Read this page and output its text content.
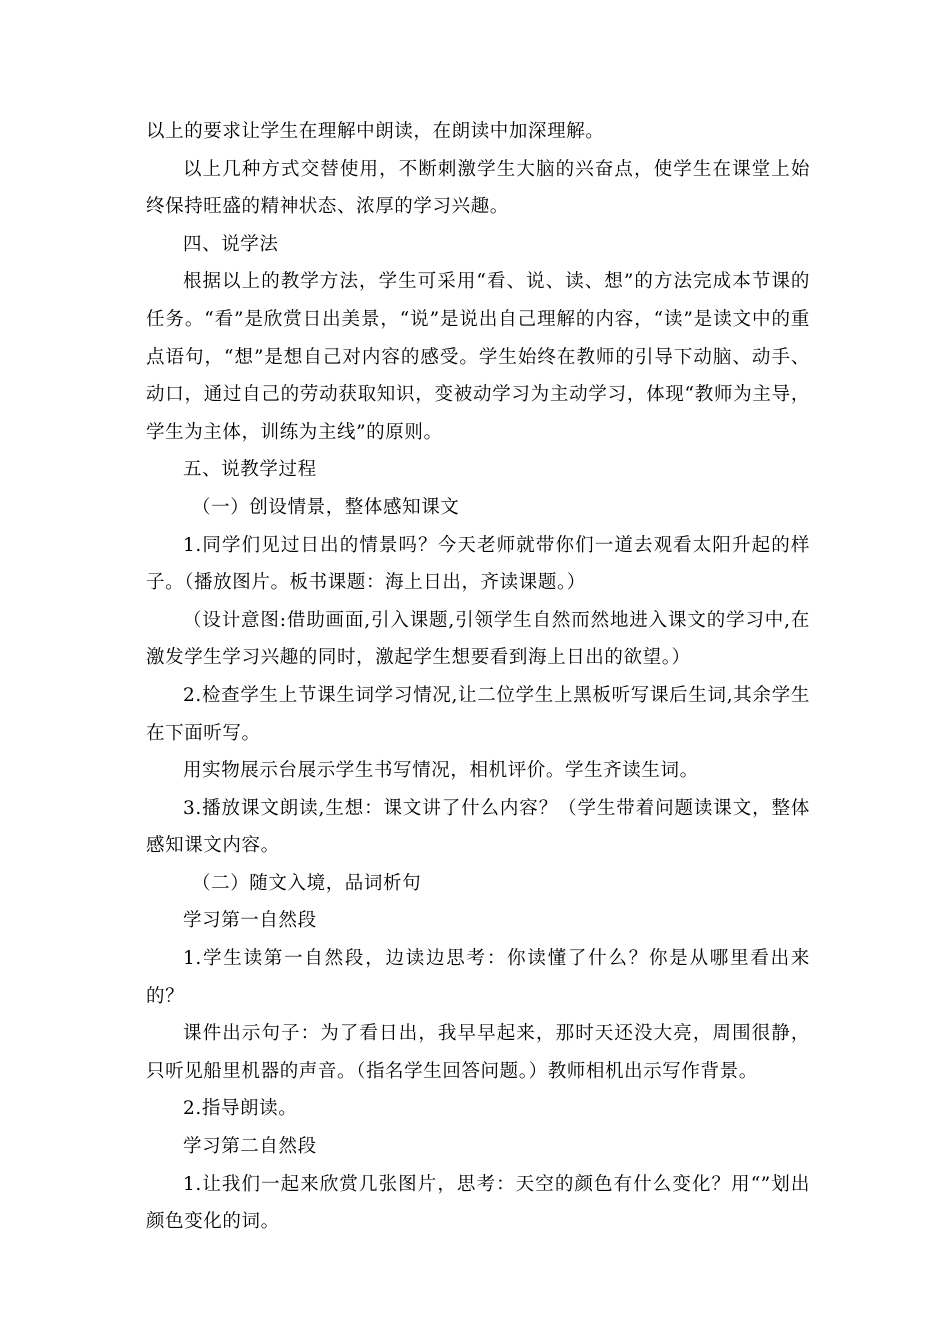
以上的要求让学生在理解中朗读，在朗读中加深理解。

以上几种方式交替使用，不断刺激学生大脑的兴奋点，使学生在课堂上始终保持旺盛的精神状态、浓厚的学习兴趣。

四、说学法

根据以上的教学方法，学生可采用“看、说、读、想”的方法完成本节课的任务。“看”是欣赏日出美景，“说”是说出自己理解的内容，“读”是读文中的重点语句，“想”是想自己对内容的感受。学生始终在教师的引导下动脑、动手、动口，通过自己的劳动获取知识，变被动学习为主动学习，体现“教师为主导，学生为主体，训练为主线”的原则。

五、说教学过程

（一）创设情景，整体感知课文

1.同学们见过日出的情景吗？今天老师就带你们一道去观看太阳升起的样子。（播放图片。板书课题：海上日出，齐读课题。）

（设计意图:借助画面,引入课题,引领学生自然而然地进入课文的学习中,在激发学生学习兴趣的同时，激起学生想要看到海上日出的欲望。）

2.检查学生上节课生词学习情况,让二位学生上黑板听写课后生词,其余学生在下面听写。

用实物展示台展示学生书写情况，相机评价。学生齐读生词。

3.播放课文朗读,生想：课文讲了什么内容？（学生带着问题读课文，整体感知课文内容。

（二）随文入境，品词析句

学习第一自然段

1.学生读第一自然段，边读边思考：你读懂了什么？你是从哪里看出来的？

课件出示句子：为了看日出，我早早起来，那时天还没大亮，周围很静，只听见船里机器的声音。（指名学生回答问题。）教师相机出示写作背景。

2.指导朗读。

学习第二自然段

1.让我们一起来欣赏几张图片，思考：天空的颜色有什么变化？用“”划出颜色变化的词。
